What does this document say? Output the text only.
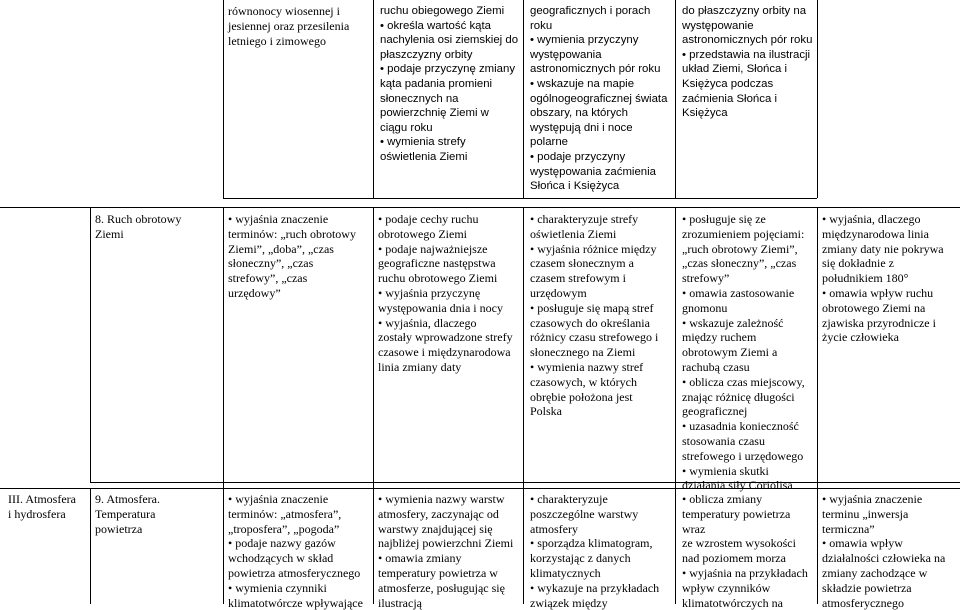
równonocy wiosennej i
jesiennej oraz przesilenia
letniego i zimowego
ruchu obiegowego Ziemi
• określa wartość kąta
nachylenia osi ziemskiej do
płaszczyzny orbity
• podaje przyczynę zmiany
kąta padania promieni
słonecznych na
powierzchnię Ziemi w
ciągu roku
• wymienia strefy
oświetlenia Ziemi
geograficznych i porach
roku
• wymienia przyczyny
występowania
astronomicznych pór roku
• wskazuje na mapie
ogólnogeograficznej świata
obszary, na których
występują dni i noce
polarne
• podaje przyczyny
występowania zaćmienia
Słońca i Księżyca
do płaszczyzny orbity na
występowanie
astronomicznych pór roku
• przedstawia na ilustracji
układ Ziemi, Słońca i
Księżyca podczas
zaćmienia Słońca i
Księżyca
8. Ruch obrotowy
Ziemi
• wyjaśnia znaczenie
terminów: „ruch obrotowy
Ziemi”, „doba”, „czas
słoneczny”, „czas
strefowy”, „czas
urzędowy”
• podaje cechy ruchu
obrotowego Ziemi
• podaje najważniejsze
geograficzne następstwa
ruchu obrotowego Ziemi
• wyjaśnia przyczynę
występowania dnia i nocy
• wyjaśnia, dlaczego
zostały wprowadzone strefy
czasowe i międzynarodowa
linia zmiany daty
• charakteryzuje strefy
oświetlenia Ziemi
• wyjaśnia różnice między
czasem słonecznym a
czasem strefowym i
urzędowym
• posługuje się mapą stref
czasowych do określania
różnicy czasu strefowego i
słonecznego na Ziemi
• wymienia nazwy stref
czasowych, w których
obrębie położona jest
Polska
• posługuje się ze
zrozumieniem pojęciami:
„ruch obrotowy Ziemi”,
„czas słoneczny”, „czas
strefowy”
• omawia zastosowanie
gnomonu
• wskazuje zależność
między ruchem
obrotowym Ziemi a
rachubą czasu
• oblicza czas miejscowy,
znając różnicę długości
geograficznej
• uzasadnia konieczność
stosowania czasu
strefowego i urzędowego
• wymienia skutki
działania siły Coriolisa
• wyjaśnia, dlaczego
międzynarodowa linia
zmiany daty nie pokrywa
się dokładnie z
południkiem 180°
• omawia wpływ ruchu
obrotowego Ziemi na
zjawiska przyrodnicze i
życie człowieka
III. Atmosfera
i hydrosfera
9. Atmosfera.
Temperatura
powietrza
• wyjaśnia znaczenie
terminów: „atmosfera”,
„troposfera”, „pogoda”
• podaje nazwy gazów
wchodzących w skład
powietrza atmosferycznego
• wymienia czynniki
klimatotwórcze wpływające
• wymienia nazwy warstw
atmosfery, zaczynając od
warstwy znajdującej się
najbliżej powierzchni Ziemi
• omawia zmiany
temperatury powietrza w
atmosferze, posługując się
ilustracją
• charakteryzuje
poszczególne warstwy
atmosfery
• sporządza klimatogram,
korzystając z danych
klimatycznych
• wykazuje na przykładach
związek między
• oblicza zmiany
temperatury powietrza
wraz
ze wzrostem wysokości
nad poziomem morza
• wyjaśnia na przykładach
wpływ czynników
klimatotwórczych na
• wyjaśnia znaczenie
terminu „inwersja
termiczna”
• omawia wpływ
działalności człowieka na
zmiany zachodzące w
składzie powietrza
atmosferycznego
